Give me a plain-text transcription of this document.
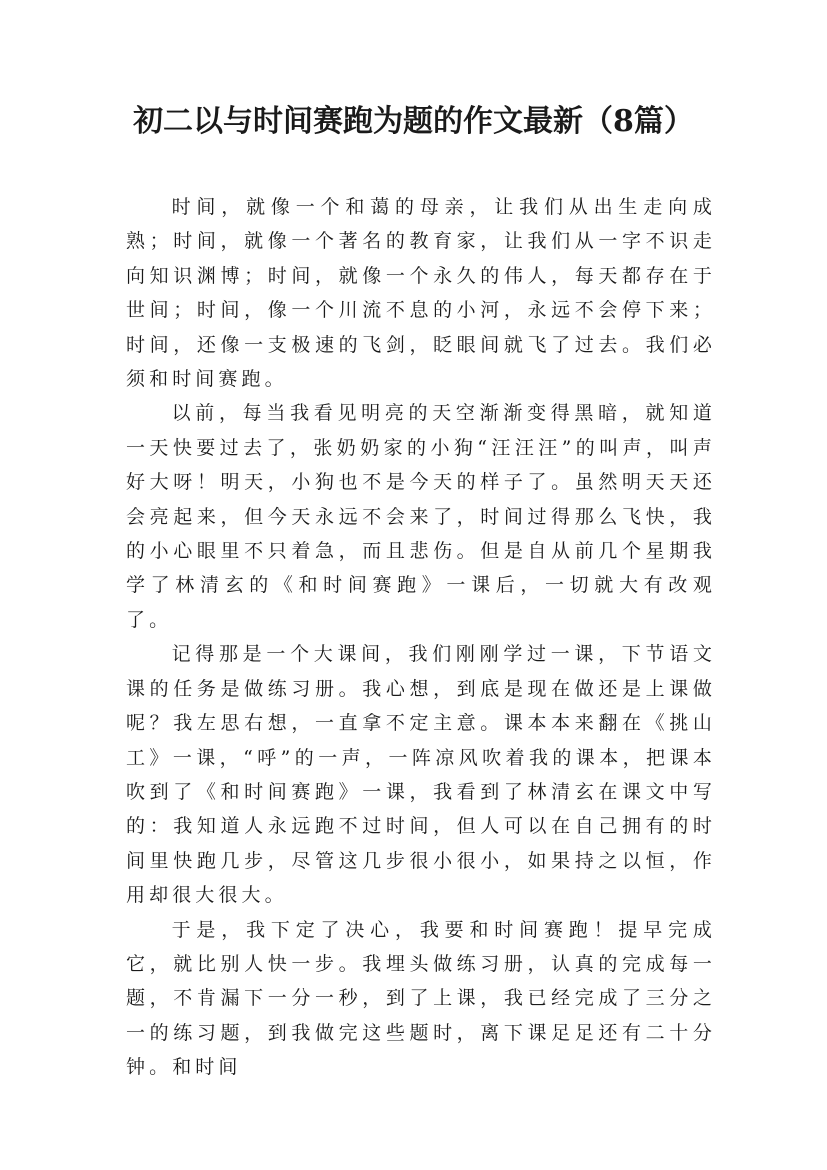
初二以与时间赛跑为题的作文最新（8篇）

时间，就像一个和蔼的母亲，让我们从出生走向成熟；时间，就像一个著名的教育家，让我们从一字不识走向知识渊博；时间，就像一个永久的伟人，每天都存在于世间；时间，像一个川流不息的小河，永远不会停下来；时间，还像一支极速的飞剑，眨眼间就飞了过去。我们必须和时间赛跑。

以前，每当我看见明亮的天空渐渐变得黑暗，就知道一天快要过去了，张奶奶家的小狗“汪汪汪”的叫声，叫声好大呀！明天，小狗也不是今天的样子了。虽然明天天还会亮起来，但今天永远不会来了，时间过得那么飞快，我的小心眼里不只着急，而且悲伤。但是自从前几个星期我学了林清玄的《和时间赛跑》一课后，一切就大有改观了。

记得那是一个大课间，我们刚刚学过一课，下节语文课的任务是做练习册。我心想，到底是现在做还是上课做呢？我左思右想，一直拿不定主意。课本本来翻在《挑山工》一课，“呼”的一声，一阵凉风吹着我的课本，把课本吹到了《和时间赛跑》一课，我看到了林清玄在课文中写的：我知道人永远跑不过时间，但人可以在自己拥有的时间里快跑几步，尽管这几步很小很小，如果持之以恒，作用却很大很大。

于是，我下定了决心，我要和时间赛跑！提早完成它，就比别人快一步。我埋头做练习册，认真的完成每一题，不肯漏下一分一秒，到了上课，我已经完成了三分之一的练习题，到我做完这些题时，离下课足足还有二十分钟。和时间
